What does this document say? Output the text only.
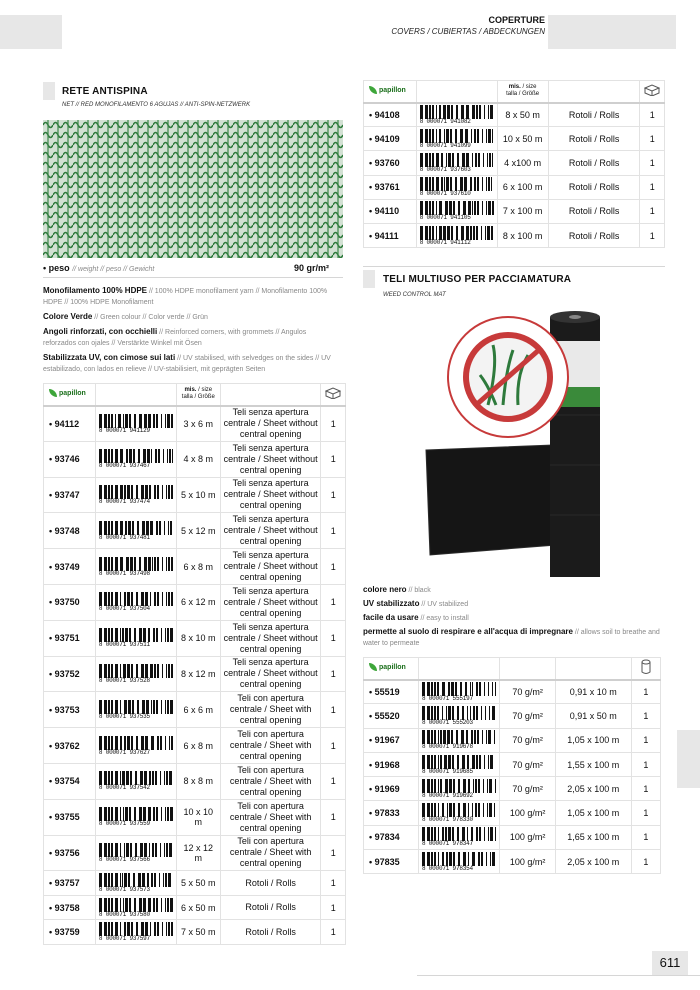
COPERTURE
COVERS / CUBIERTAS / ABDECKUNGEN
RETE ANTISPINA
NET // RED MONOFILAMENTO 6 AGUJAS // ANTI-SPIN-NETZWERK
• peso // weight // peso // Gewicht	90 gr/m²
Monofilamento 100% HDPE // 100% HDPE monofilament yarn // Monofilamento 100% HDPE // 100% HDPE Monofilament
Colore Verde // Green colour // Color verde // Grün
Angoli rinforzati, con occhielli // Reinforced corners, with grommets // Angulos reforzados con ojales // Verstärkte Winkel mit Ösen
Stabilizzata UV, con cimose sui lati // UV stabilised, with selvedges on the sides // UV estabilizado, con lados en relieve // UV-stabilisiert, mit geprägten Seiten
papillon		mis. / size
talla / Größe		
• 94112	8 000071 941129	3 x 6 m	Teli senza apertura centrale / Sheet without central opening	1
• 93746	8 000071 937467	4 x 8 m	Teli senza apertura centrale / Sheet without central opening	1
• 93747	8 000071 937474	5 x 10 m	Teli senza apertura centrale / Sheet without central opening	1
• 93748	8 000071 937481	5 x 12 m	Teli senza apertura centrale / Sheet without central opening	1
• 93749	8 000071 937498	6 x 8 m	Teli senza apertura centrale / Sheet without central opening	1
• 93750	8 000071 937504	6 x 12 m	Teli senza apertura centrale / Sheet without central opening	1
• 93751	8 000071 937511	8 x 10 m	Teli senza apertura centrale / Sheet without central opening	1
• 93752	8 000071 937528	8 x 12 m	Teli senza apertura centrale / Sheet without central opening	1
• 93753	8 000071 937535	6 x 6 m	Teli con apertura centrale / Sheet with central opening	1
• 93762	8 000071 937627	6 x 8 m	Teli con apertura centrale / Sheet with central opening	1
• 93754	8 000071 937542	8 x 8 m	Teli con apertura centrale / Sheet with central opening	1
• 93755	8 000071 937559	10 x 10 m	Teli con apertura centrale / Sheet with central opening	1
• 93756	8 000071 937566	12 x 12 m	Teli con apertura centrale / Sheet with central opening	1
• 93757	8 000071 937573	5 x 50 m	Rotoli / Rolls	1
• 93758	8 000071 937580	6 x 50 m	Rotoli / Rolls	1
• 93759	8 000071 937597	7 x 50 m	Rotoli / Rolls	1
papillon		mis. / size
talla / Größe		
• 94108	8 000071 941082	8 x 50 m	Rotoli / Rolls	1
• 94109	8 000071 941099	10 x 50 m	Rotoli / Rolls	1
• 93760	8 000071 937603	4 x100 m	Rotoli / Rolls	1
• 93761	8 000071 937610	6 x 100 m	Rotoli / Rolls	1
• 94110	8 000071 941105	7 x 100 m	Rotoli / Rolls	1
• 94111	8 000071 941112	8 x 100 m	Rotoli / Rolls	1
TELI MULTIUSO PER PACCIAMATURA
WEED CONTROL MAT
colore nero // black
UV stabilizzato // UV stabilized
facile da usare // easy to install
permette al suolo di respirare e all'acqua di impregnare // allows soil to breathe and water to permeate
papillon

• 55519	8 000071 555197	70 g/m²	0,91 x 10 m	1
• 55520	8 000071 555203	70 g/m²	0,91 x 50 m	1
• 91967	8 000071 919678	70 g/m²	1,05 x 100 m	1
• 91968	8 000071 919685	70 g/m²	1,55 x 100 m	1
• 91969	8 000071 919692	70 g/m²	2,05 x 100 m	1
• 97833	8 000071 978330	100 g/m²	1,05 x 100 m	1
• 97834	8 000071 978347	100 g/m²	1,65 x 100 m	1
• 97835	8 000071 978354	100 g/m²	2,05 x 100 m	1
611
